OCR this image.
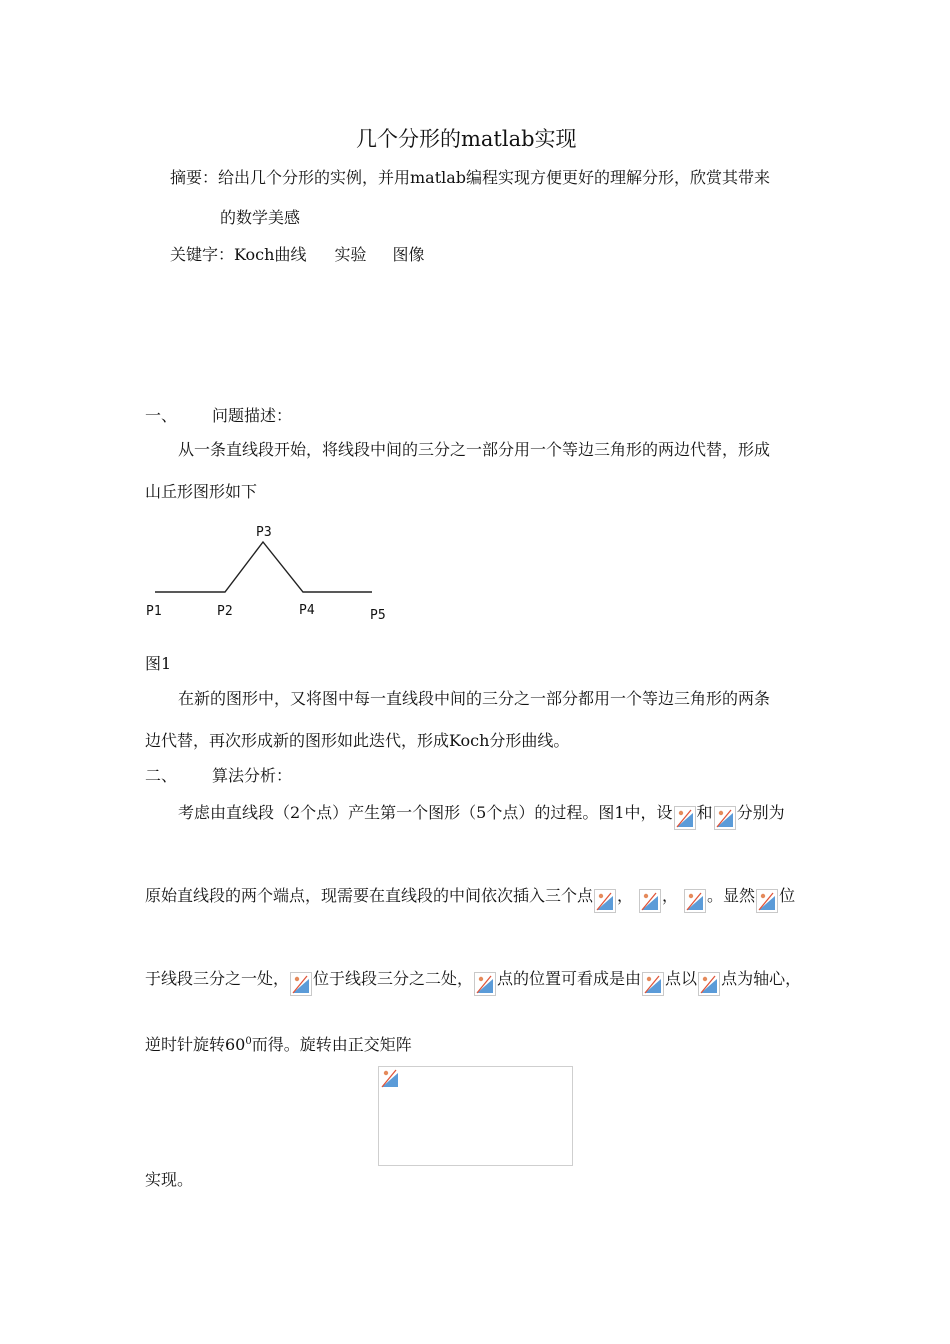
几个分形的matlab实现
摘要：给出几个分形的实例，并用matlab编程实现方便更好的理解分形，欣赏其带来
的数学美感
关键字：Koch曲线 实验 图像
一、 问题描述：
从一条直线段开始，将线段中间的三分之一部分用一个等边三角形的两边代替，形成
山丘形图形如下
P3
P1	P2	P4	P5
图1
在新的图形中，又将图中每一直线段中间的三分之一部分都用一个等边三角形的两条
边代替，再次形成新的图形如此迭代，形成Koch分形曲线。
二、 算法分析：
考虑由直线段（2个点）产生第一个图形（5个点）的过程。图1中，设 和 分别为
原始直线段的两个端点，现需要在直线段的中间依次插入三个点 ， ， 。显然 位
于线段三分之一处， 位于线段三分之二处， 点的位置可看成是由 点以 点为轴心，
逆时针旋转$60^0$而得。旋转由正交矩阵
实现。
